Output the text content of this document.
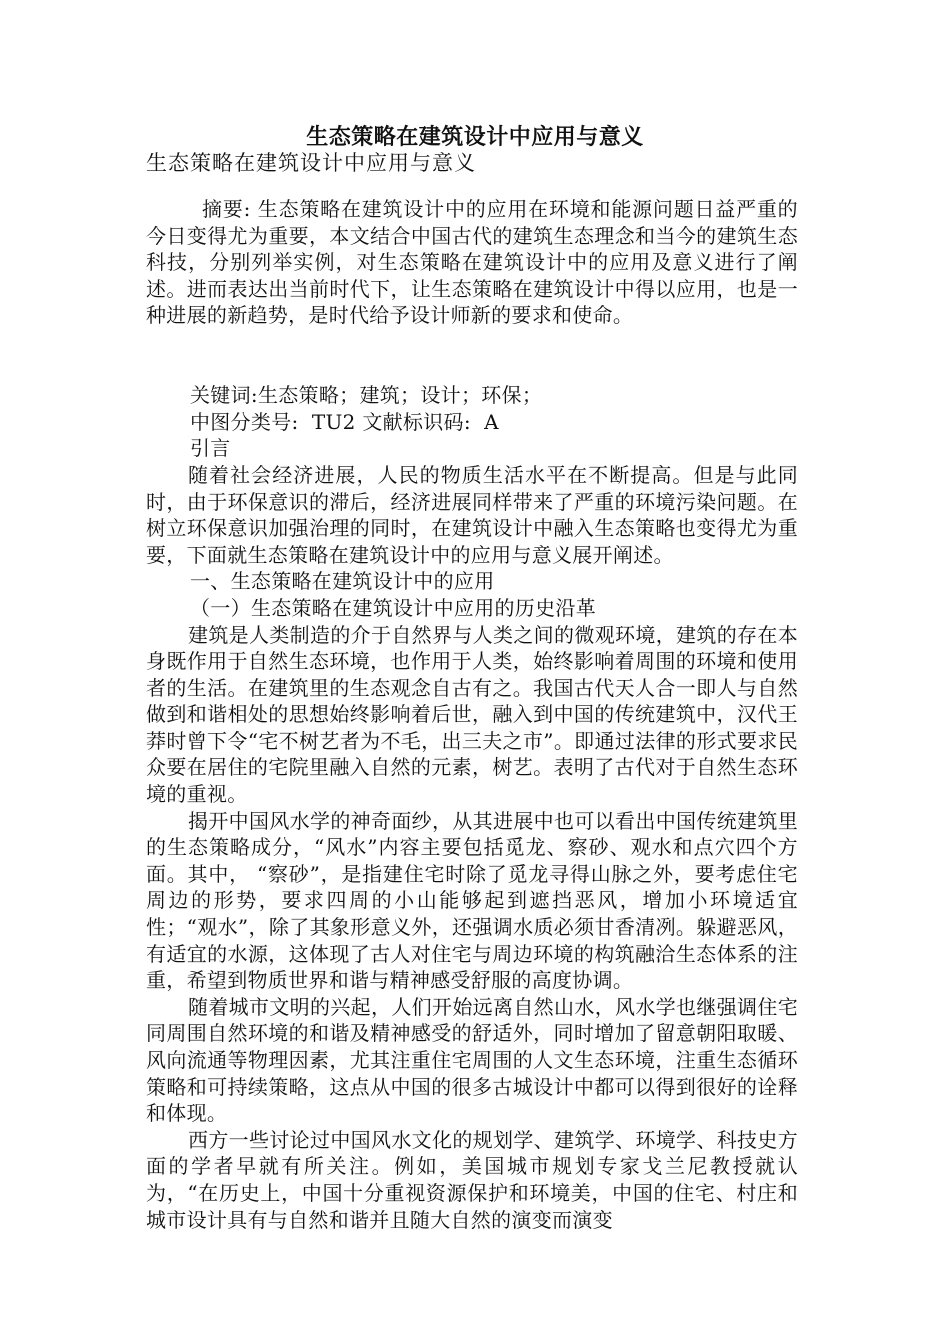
生态策略在建筑设计中应用与意义
生态策略在建筑设计中应用与意义

摘要: 生态策略在建筑设计中的应用在环境和能源问题日益严重的今日变得尤为重要，本文结合中国古代的建筑生态理念和当今的建筑生态科技，分别列举实例，对生态策略在建筑设计中的应用及意义进行了阐述。进而表达出当前时代下，让生态策略在建筑设计中得以应用，也是一种进展的新趋势，是时代给予设计师新的要求和使命。

关键词:生态策略；建筑；设计；环保；

中图分类号:  TU2 文献标识码:  A

引言

随着社会经济进展，人民的物质生活水平在不断提高。但是与此同时，由于环保意识的滞后，经济进展同样带来了严重的环境污染问题。在树立环保意识加强治理的同时，在建筑设计中融入生态策略也变得尤为重要，下面就生态策略在建筑设计中的应用与意义展开阐述。

一、生态策略在建筑设计中的应用

（一）生态策略在建筑设计中应用的历史沿革

建筑是人类制造的介于自然界与人类之间的微观环境，建筑的存在本身既作用于自然生态环境，也作用于人类，始终影响着周围的环境和使用者的生活。在建筑里的生态观念自古有之。我国古代天人合一即人与自然做到和谐相处的思想始终影响着后世，融入到中国的传统建筑中，汉代王莽时曾下令“宅不树艺者为不毛，出三夫之市”。即通过法律的形式要求民众要在居住的宅院里融入自然的元素，树艺。表明了古代对于自然生态环境的重视。

揭开中国风水学的神奇面纱，从其进展中也可以看出中国传统建筑里的生态策略成分，“风水”内容主要包括觅龙、察砂、观水和点穴四个方面。其中， “察砂”，是指建住宅时除了觅龙寻得山脉之外，要考虑住宅周边的形势，要求四周的小山能够起到遮挡恶风，增加小环境适宜性；“观水”，除了其象形意义外，还强调水质必须甘香清冽。躲避恶风，有适宜的水源，这体现了古人对住宅与周边环境的构筑融洽生态体系的注重，希望到物质世界和谐与精神感受舒服的高度协调。

随着城市文明的兴起，人们开始远离自然山水，风水学也继强调住宅同周围自然环境的和谐及精神感受的舒适外，同时增加了留意朝阳取暖、风向流通等物理因素，尤其注重住宅周围的人文生态环境，注重生态循环策略和可持续策略，这点从中国的很多古城设计中都可以得到很好的诠释和体现。

西方一些讨论过中国风水文化的规划学、建筑学、环境学、科技史方面的学者早就有所关注。例如，美国城市规划专家戈兰尼教授就认为，“在历史上，中国十分重视资源保护和环境美，中国的住宅、村庄和城市设计具有与自然和谐并且随大自然的演变而演变
